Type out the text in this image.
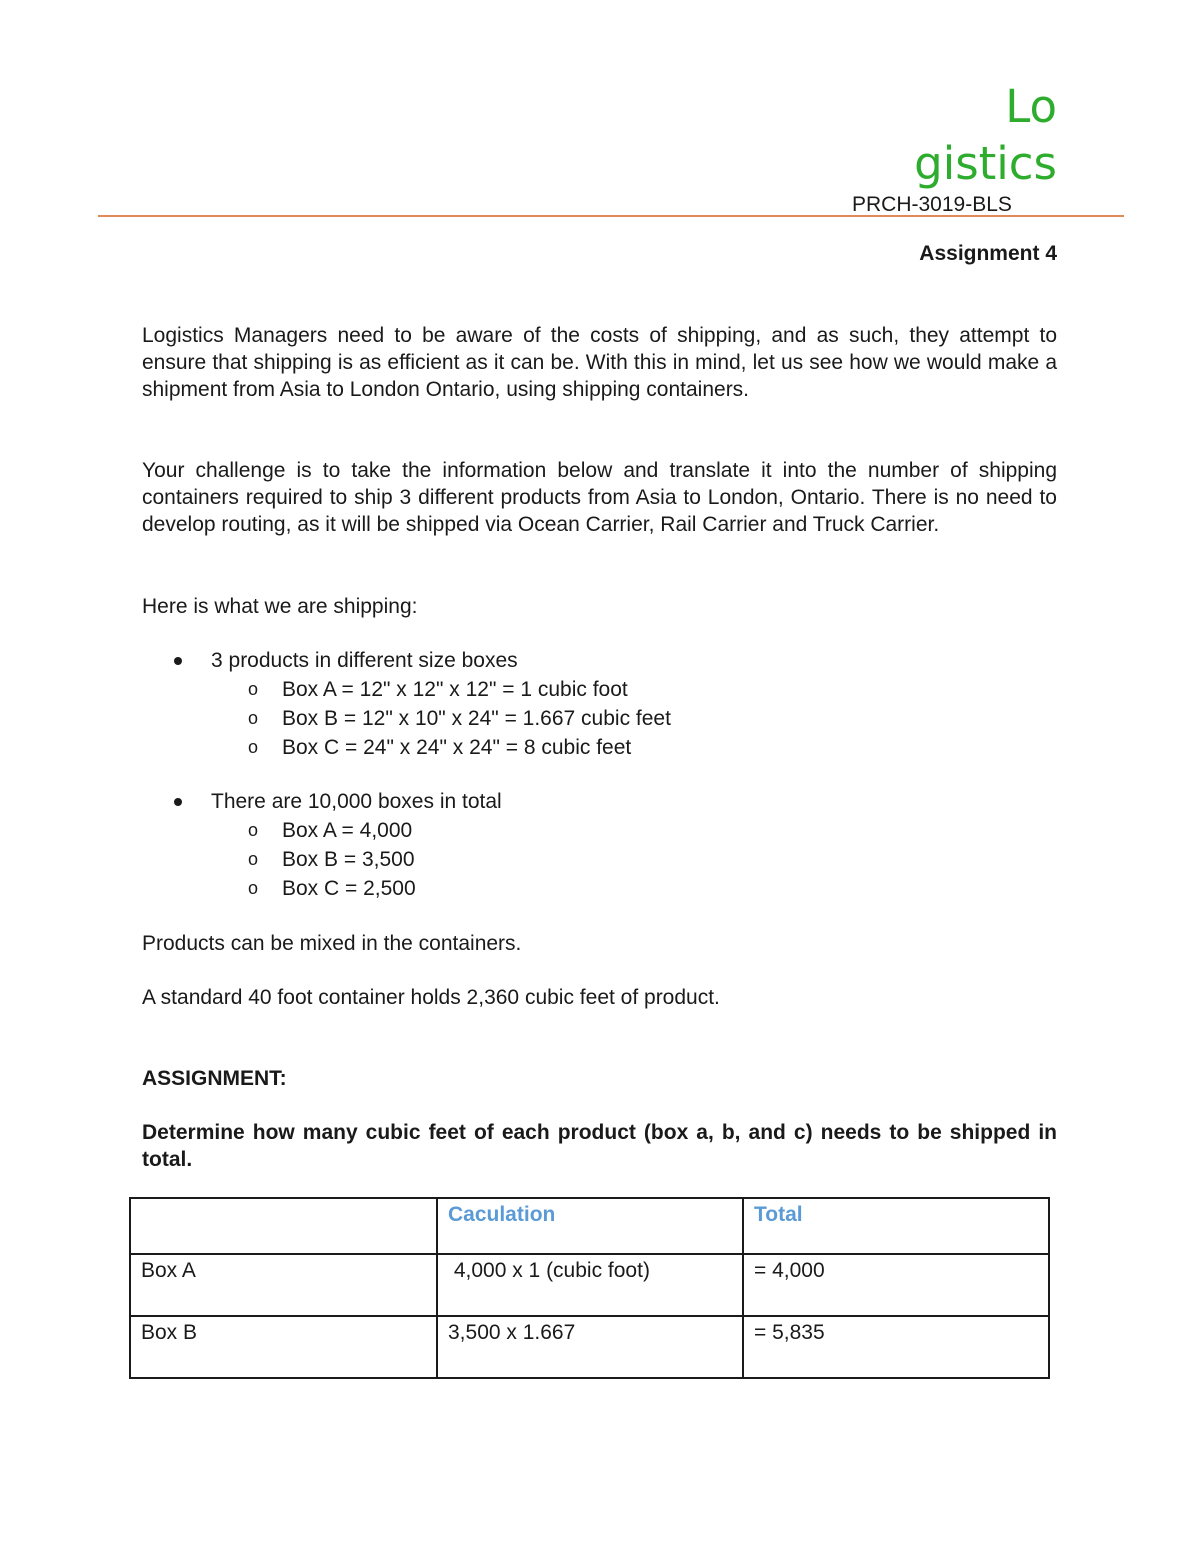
Lo
gistics
PRCH-3019-BLS
Assignment 4

Logistics Managers need to be aware of the costs of shipping, and as such, they attempt to ensure that shipping is as efficient as it can be. With this in mind, let us see how we would make a shipment from Asia to London Ontario, using shipping containers.

Your challenge is to take the information below and translate it into the number of shipping containers required to ship 3 different products from Asia to London, Ontario. There is no need to develop routing, as it will be shipped via Ocean Carrier, Rail Carrier and Truck Carrier.

Here is what we are shipping:

3 products in different size boxes
o Box A = 12" x 12" x 12" = 1 cubic foot
o Box B = 12" x 10" x 24" = 1.667 cubic feet
o Box C = 24" x 24" x 24" = 8 cubic feet
There are 10,000 boxes in total
o Box A = 4,000
o Box B = 3,500
o Box C = 2,500

Products can be mixed in the containers.

A standard 40 foot container holds 2,360 cubic feet of product.

ASSIGNMENT:
Determine how many cubic feet of each product (box a, b, and c) needs to be shipped in total.
	Caculation	Total
Box A	4,000 x 1 (cubic foot)	= 4,000
Box B	3,500 x 1.667	= 5,835
